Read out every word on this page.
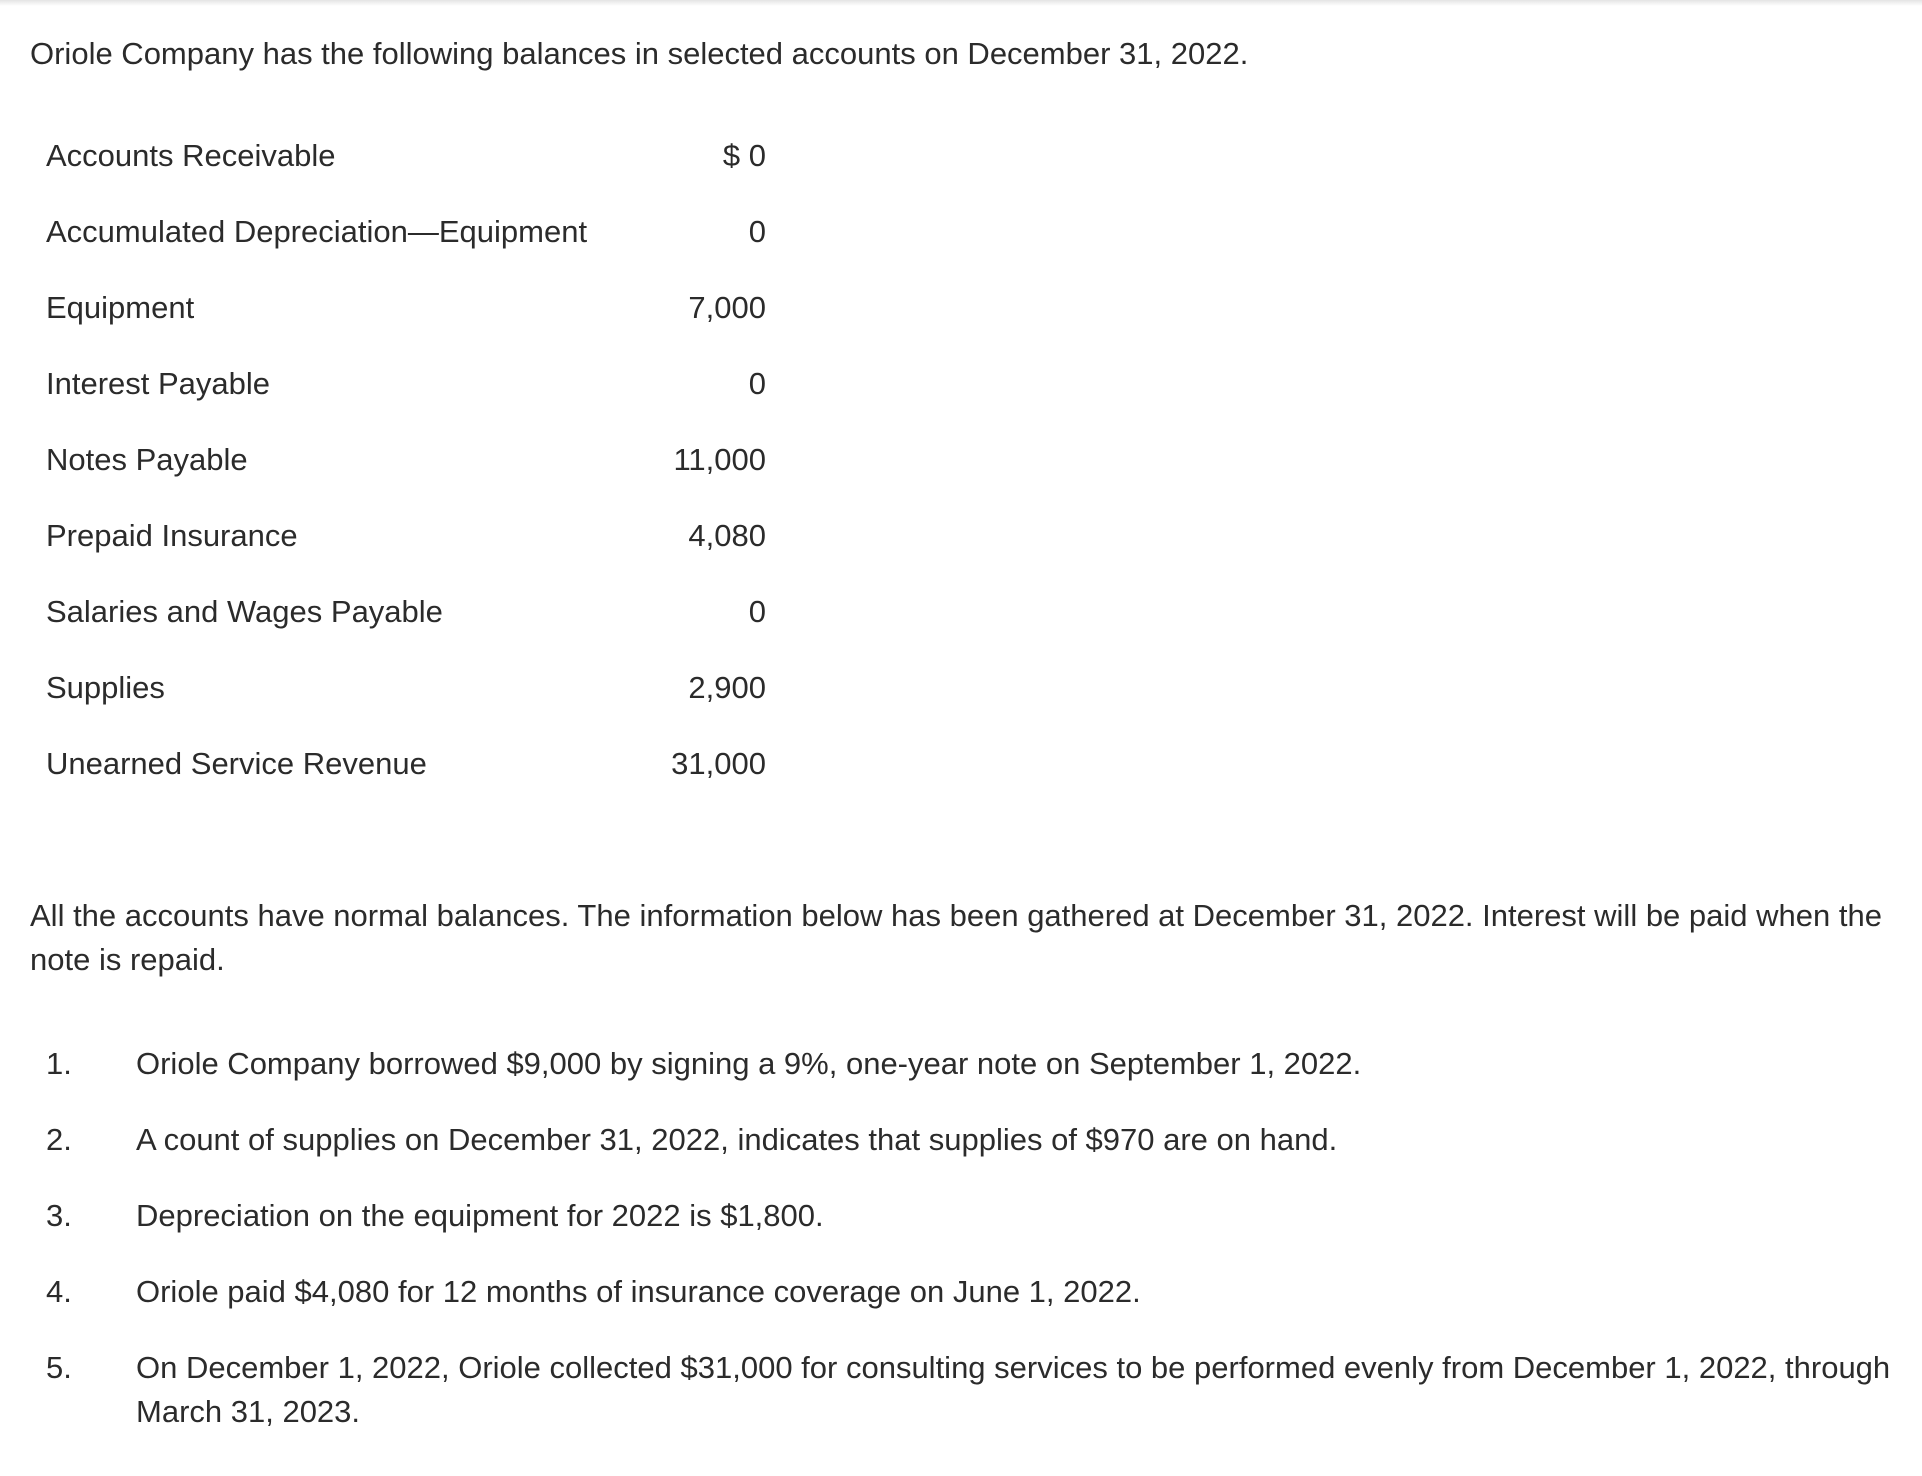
Oriole Company has the following balances in selected accounts on December 31, 2022.

Accounts Receivable	$ 0
Accumulated Depreciation—Equipment	0
Equipment	7,000
Interest Payable	0
Notes Payable	11,000
Prepaid Insurance	4,080
Salaries and Wages Payable	0
Supplies	2,900
Unearned Service Revenue	31,000

All the accounts have normal balances. The information below has been gathered at December 31, 2022. Interest will be paid when the note is repaid.

1. Oriole Company borrowed $9,000 by signing a 9%, one-year note on September 1, 2022.
2. A count of supplies on December 31, 2022, indicates that supplies of $970 are on hand.
3. Depreciation on the equipment for 2022 is $1,800.
4. Oriole paid $4,080 for 12 months of insurance coverage on June 1, 2022.
5. On December 1, 2022, Oriole collected $31,000 for consulting services to be performed evenly from December 1, 2022, through March 31, 2023.
